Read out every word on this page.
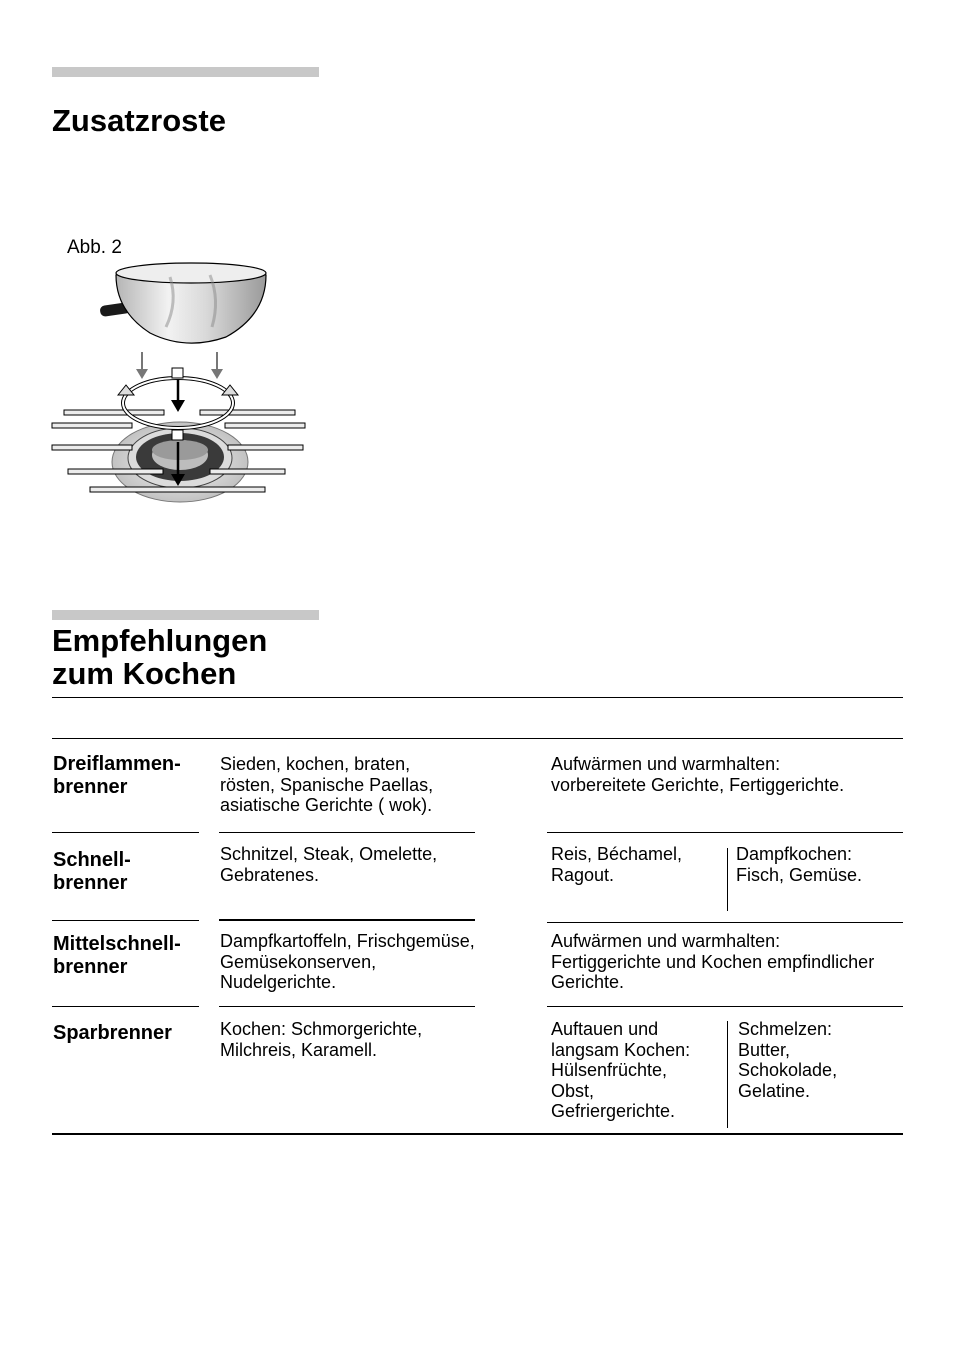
Zusatzroste
Abb. 2
Empfehlungen
zum Kochen
Dreiflammen-
brenner
Sieden, kochen, braten,
rösten, Spanische Paellas,
asiatische Gerichte ( wok).
Aufwärmen und warmhalten:
vorbereitete Gerichte, Fertiggerichte.
Schnell-
brenner
Schnitzel, Steak, Omelette,
Gebratenes.
Reis, Béchamel,
Ragout.
Dampfkochen:
Fisch, Gemüse.
Mittelschnell-
brenner
Dampfkartoffeln, Frischgemüse,
Gemüsekonserven,
Nudelgerichte.
Aufwärmen und warmhalten:
Fertiggerichte und Kochen empfindlicher
Gerichte.
Sparbrenner	Kochen: Schmorgerichte,
Milchreis, Karamell.
Auftauen und
langsam Kochen:
Hülsenfrüchte,
Obst,
Gefriergerichte.
Schmelzen:
Butter,
Schokolade,
Gelatine.
